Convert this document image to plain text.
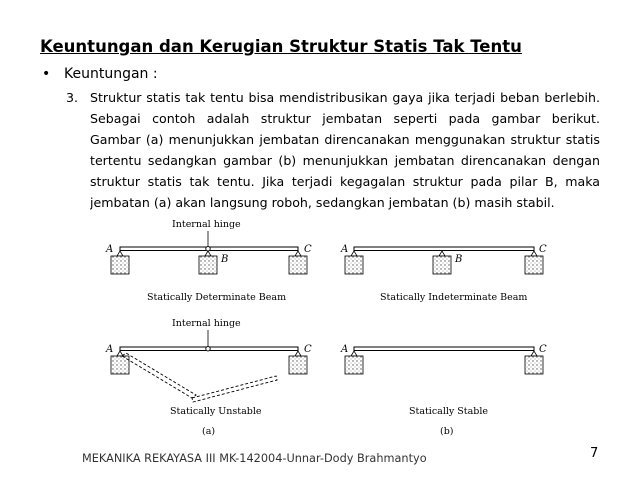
Keuntungan dan Kerugian Struktur Statis Tak Tentu
• Keuntungan :
3. Struktur statis tak tentu bisa mendistribusikan gaya jika terjadi beban berlebih.
Sebagai contoh adalah struktur jembatan seperti pada gambar berikut.
Gambar (a) menunjukkan jembatan direncanakan menggunakan struktur statis
tertentu sedangkan gambar (b) menunjukkan jembatan direncanakan dengan
struktur statis tak tentu. Jika terjadi kegagalan struktur pada pilar B, maka
jembatan (a) akan langsung roboh, sedangkan jembatan (b) masih stabil.
Internal hinge
A	C
B
Statically Determinate Beam
A	C
B
Statically Indeterminate Beam
Internal hinge
A	C
Statically Unstable
(a)
A	C
Statically Stable
(b)
MEKANIKA REKAYASA III MK-142004-Unnar-Dody Brahmantyo	7
